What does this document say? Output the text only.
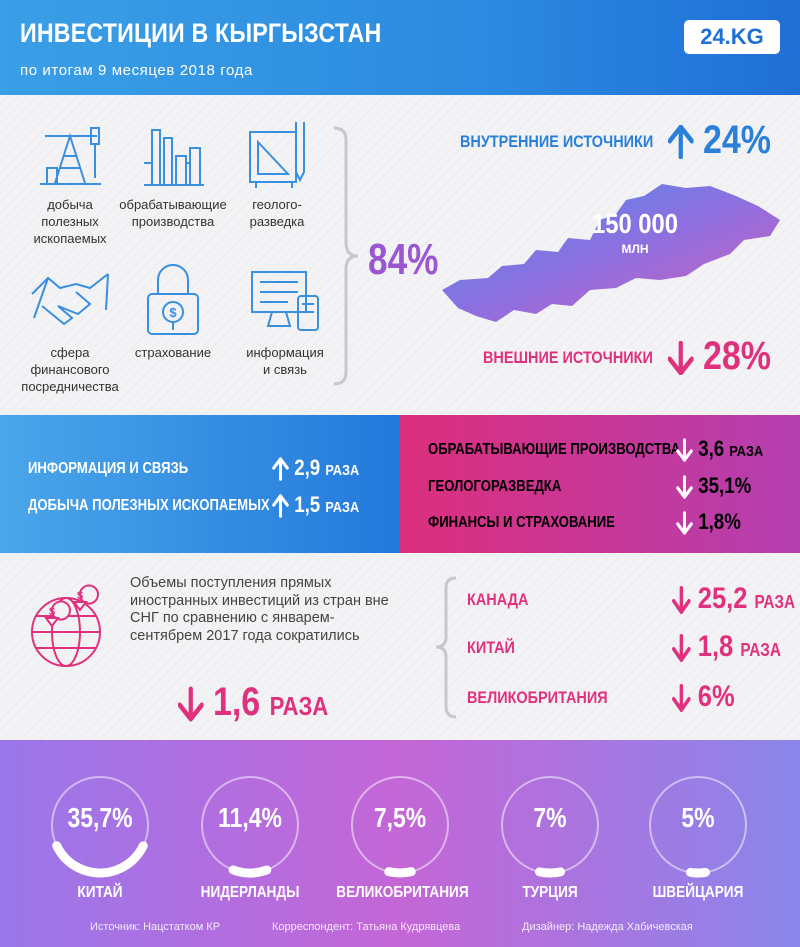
ИНВЕСТИЦИИ В КЫРГЫЗСТАН
по итогам 9 месяцев 2018 года
24.KG
добыча
полезных
ископаемых
обрабатывающие
производства
геолого-
разведка
сфера
финансового
посредничества
$
страхование	информация
и связь
84%
ВНУТРЕННИЕ ИСТОЧНИКИ	24%
150 000
МЛН
ВНЕШНИЕ ИСТОЧНИКИ	28%
ИНФОРМАЦИЯ И СВЯЗЬ	2,9 РАЗА
ДОБЫЧА ПОЛЕЗНЫХ ИСКОПАЕМЫХ	1,5 РАЗА
ОБРАБАТЫВАЮЩИЕ ПРОИЗВОДСТВА 3,6 РАЗА
ГЕОЛОГОРАЗВЕДКА	35,1%
ФИНАНСЫ И СТРАХОВАНИЕ	1,8%
$
$
Объемы поступления прямых иностранных инвестиций из стран вне СНГ по сравнению с январем-сентябрем 2017 года сократились
1,6 РАЗА
КАНАДА	25,2 РАЗА
КИТАЙ	1,8 РАЗА
ВЕЛИКОБРИТАНИЯ	6%
35,7%
КИТАЙ
11,4%
НИДЕРЛАНДЫ
7,5%
ВЕЛИКОБРИТАНИЯ
7%
ТУРЦИЯ
5%
ШВЕЙЦАРИЯ
Источник: Нацстатком КР	Корреспондент: Татьяна Кудрявцева	Дизайнер: Надежда Хабичевская
